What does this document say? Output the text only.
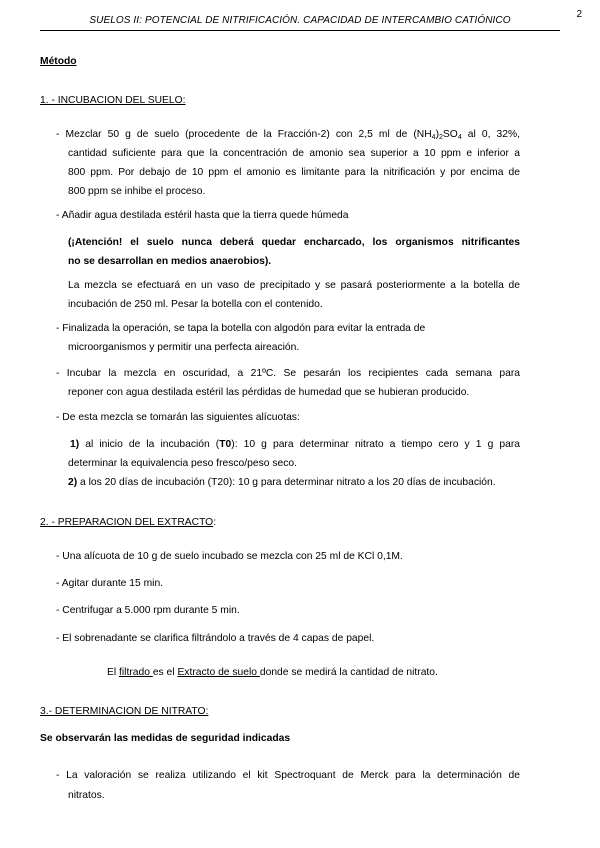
2
SUELOS II: POTENCIAL DE NITRIFICACIÓN. CAPACIDAD DE INTERCAMBIO CATIÓNICO
Método
1. - INCUBACION DEL SUELO:
- Mezclar 50 g de suelo (procedente de la Fracción-2) con 2,5 ml de $(NH_4)_2SO_4$ al 0, 32%,
cantidad suficiente para que la concentración de amonio sea superior a 10 ppm e inferior a
800 ppm. Por debajo de 10 ppm el amonio es limitante para la nitrificación y por encima de
800 ppm se inhibe el proceso.
- Añadir agua destilada estéril hasta que la tierra quede húmeda
(¡Atención! el suelo nunca deberá quedar encharcado, los organismos nitrificantes
no se desarrollan en medios anaerobios).
La mezcla se efectuará en un vaso de precipitado y se pasará posteriormente a la botella de
incubación de 250 ml. Pesar la botella con el contenido.
- Finalizada la operación, se tapa la botella con algodón para evitar la entrada de
microorganismos y permitir una perfecta aireación.
- Incubar la mezcla en oscuridad, a 21ºC. Se pesarán los recipientes cada semana para
reponer con agua destilada estéril las pérdidas de humedad que se hubieran producido.
- De esta mezcla se tomarán las siguientes alícuotas:
1) al inicio de la incubación (T0): 10 g para determinar nitrato a tiempo cero y 1 g para
determinar la equivalencia peso fresco/peso seco.
2) a los 20 días de incubación (T20): 10 g para determinar nitrato a los 20 días de incubación.
2. - PREPARACION DEL EXTRACTO:
- Una alícuota de 10 g de suelo incubado se mezcla con 25 ml de KCl 0,1M.
- Agitar durante 15 min.
- Centrifugar a 5.000 rpm durante 5 min.
- El sobrenadante se clarifica filtrándolo a través de 4 capas de papel.
El filtrado es el Extracto de suelo donde se medirá la cantidad de nitrato.
3.- DETERMINACION DE NITRATO:
Se observarán las medidas de seguridad indicadas
- La valoración se realiza utilizando el kit Spectroquant de Merck para la determinación de
nitratos.
